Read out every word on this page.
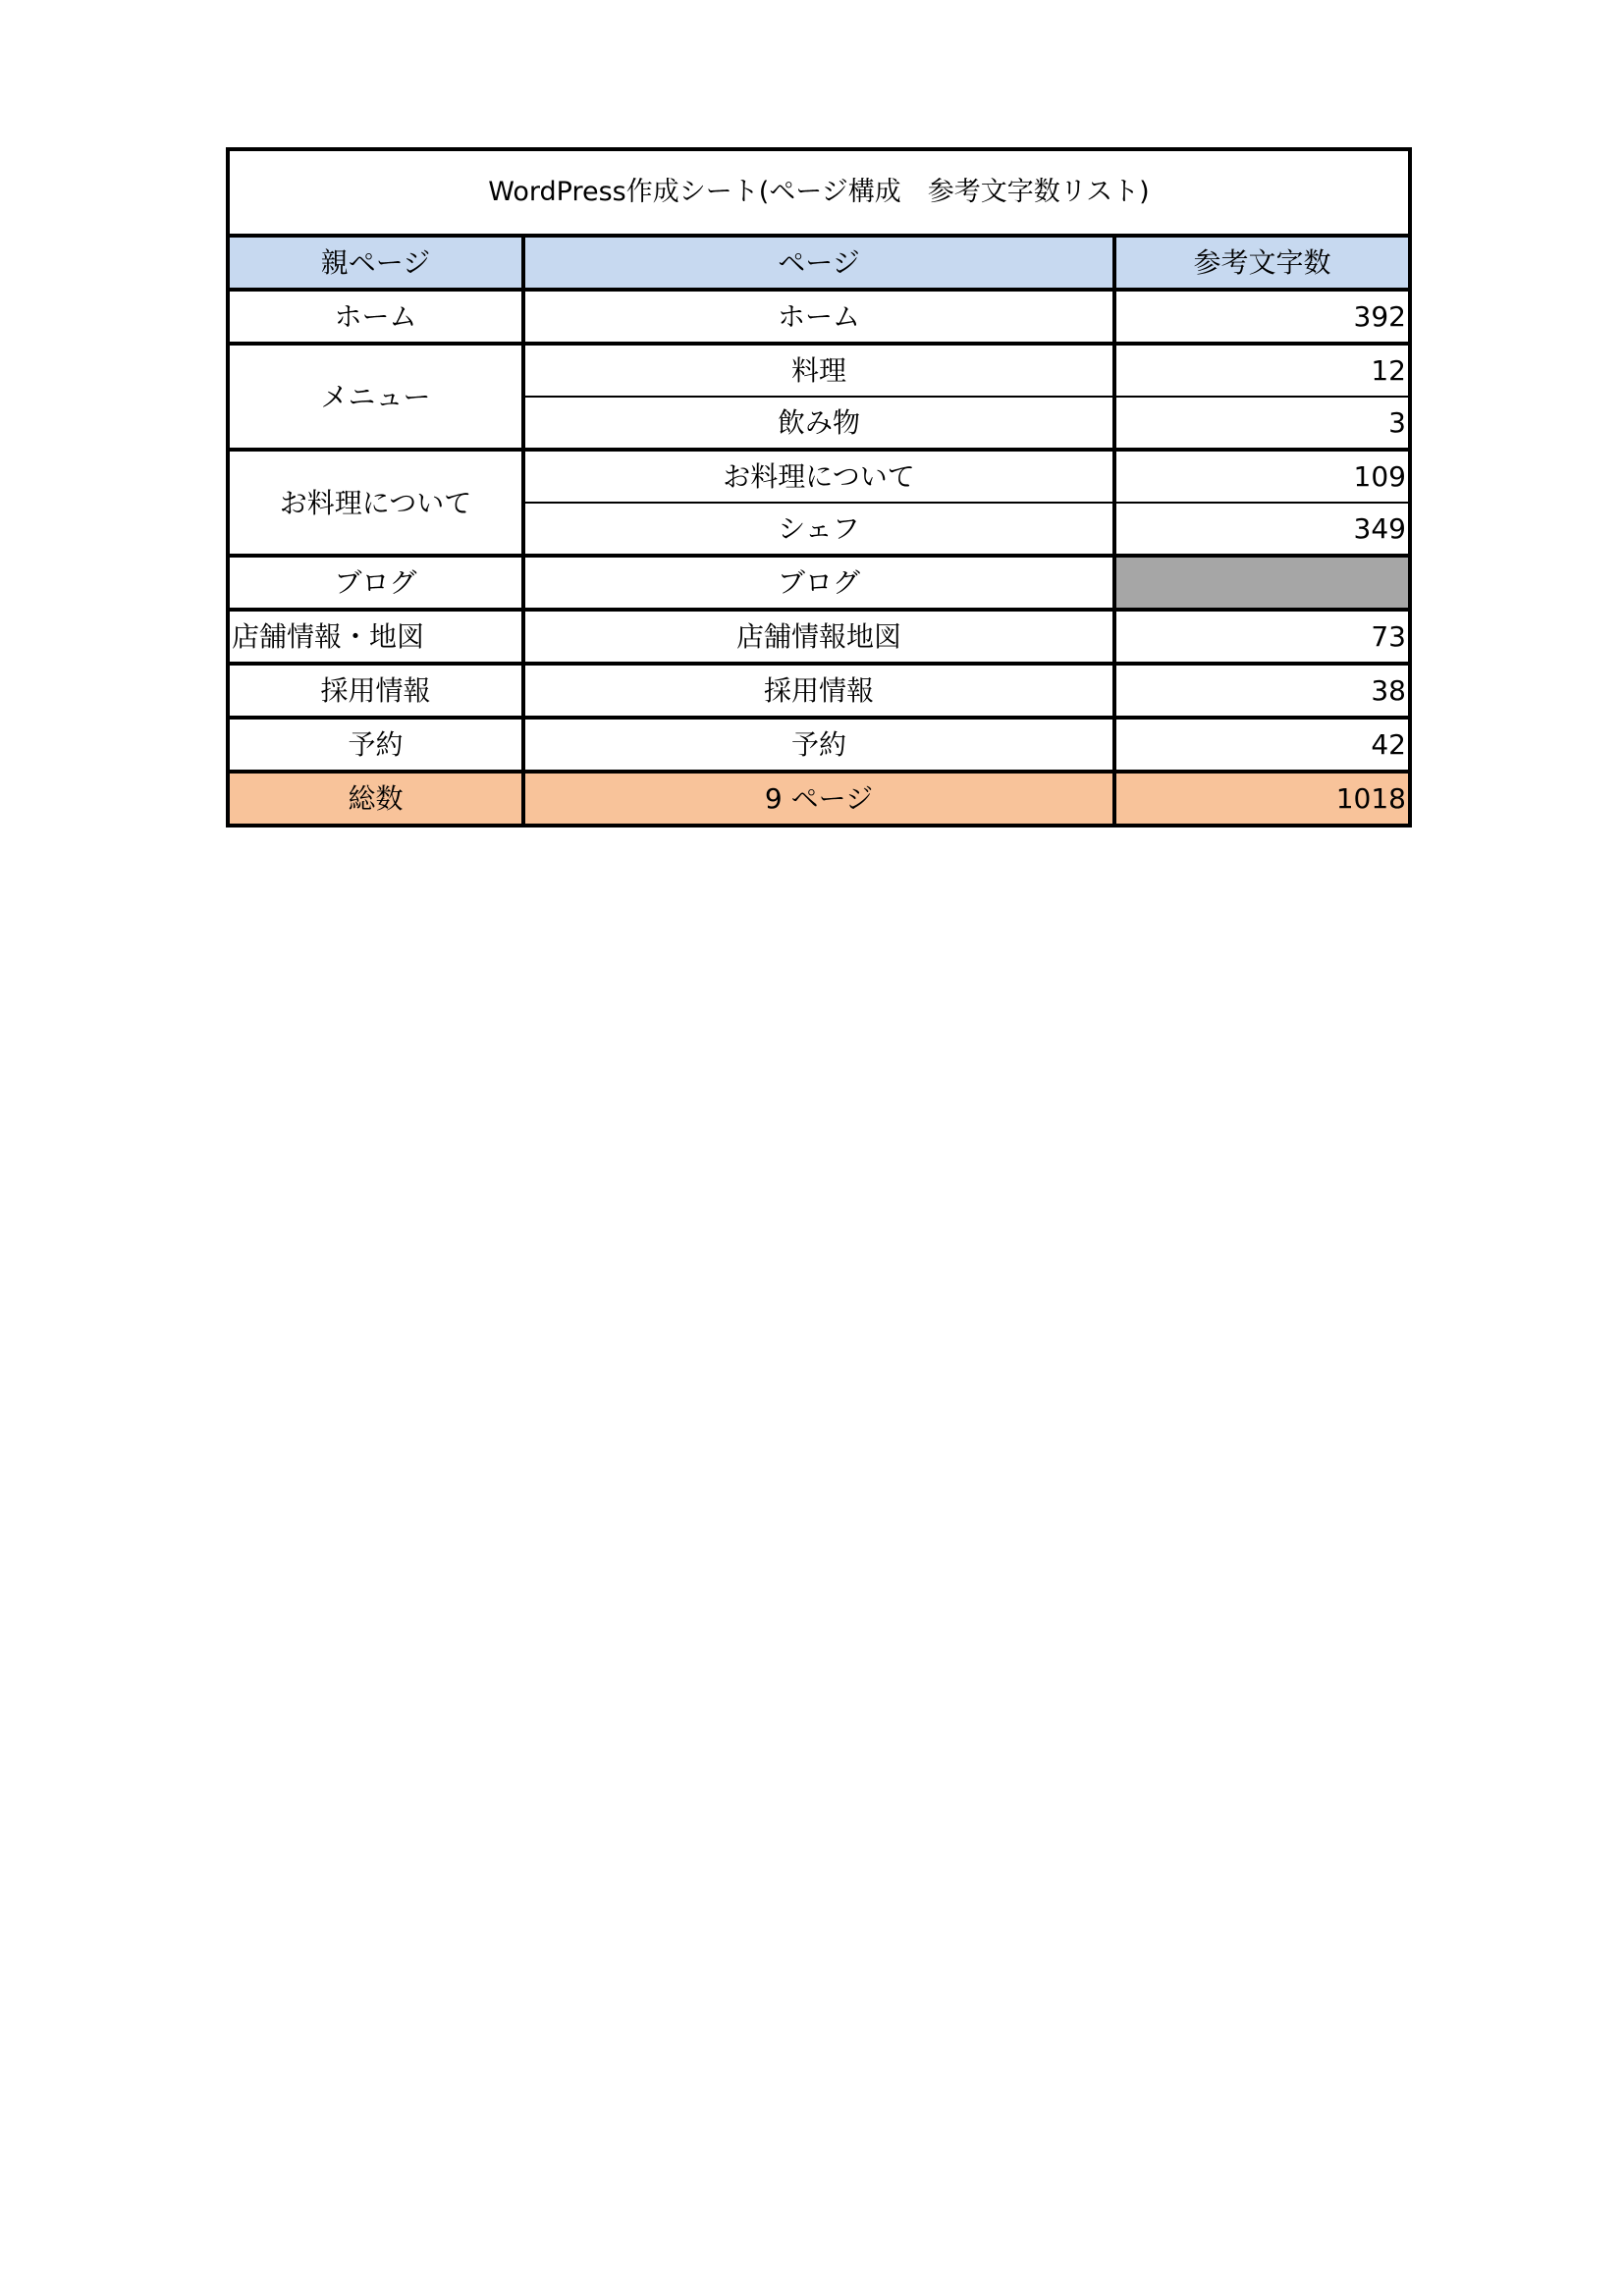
WordPress作成シート(ページ構成　参考文字数リスト)		
親ページ	ページ	参考文字数
ホーム	ホーム	392
メニュー	料理	12
	飲み物	3
お料理について	お料理について	109
	シェフ	349
ブログ	ブログ	
店舗情報・地図	店舗情報地図	73
採用情報	採用情報	38
予約	予約	42
総数	9 ページ	1018
